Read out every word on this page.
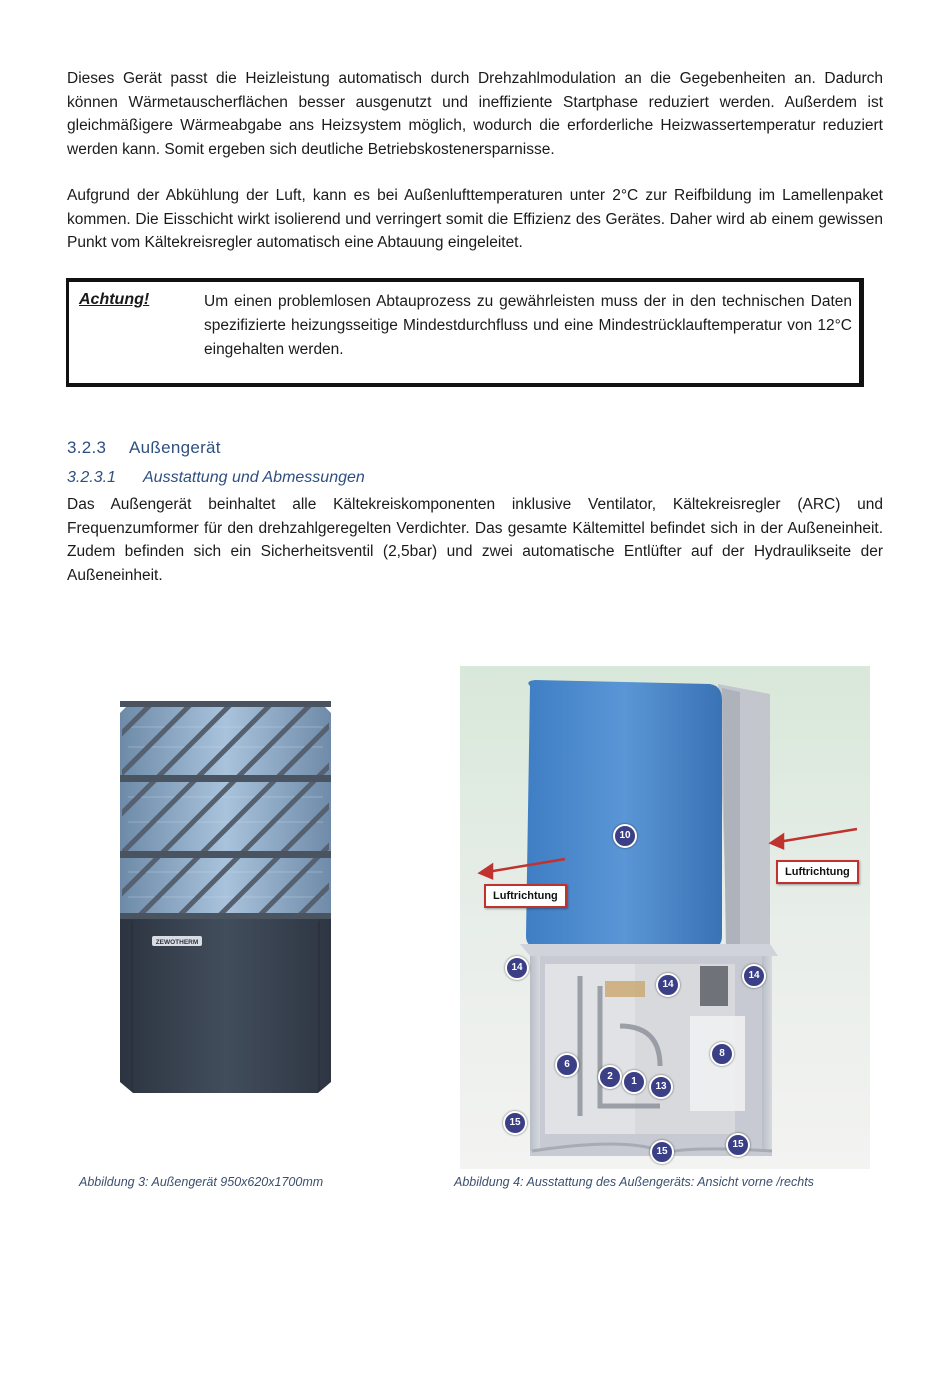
Dieses Gerät passt die Heizleistung automatisch durch Drehzahlmodulation an die Gegebenheiten an. Dadurch können Wärmetauscherflächen besser ausgenutzt und ineffiziente Startphase reduziert werden. Außerdem ist gleichmäßigere Wärmeabgabe ans Heizsystem möglich, wodurch die erforderliche Heizwassertemperatur reduziert werden kann. Somit ergeben sich deutliche Betriebskostenersparnisse.

Aufgrund der Abkühlung der Luft, kann es bei Außenlufttemperaturen unter 2°C zur Reifbildung im Lamellenpaket kommen. Die Eisschicht wirkt isolierend und verringert somit die Effizienz des Gerätes. Daher wird ab einem gewissen Punkt vom Kältekreisregler automatisch eine Abtauung eingeleitet.

Achtung!	Um einen problemlosen Abtauprozess zu gewährleisten muss der in den technischen Daten spezifizierte heizungsseitige Mindestdurchfluss und eine Mindestrücklauftemperatur von 12°C eingehalten werden.

3.2.3 Außengerät
3.2.3.1 Ausstattung und Abmessungen

Das Außengerät beinhaltet alle Kältekreiskomponenten inklusive Ventilator, Kältekreisregler (ARC) und Frequenzumformer für den drehzahlgeregelten Verdichter. Das gesamte Kältemittel befindet sich in der Außeneinheit. Zudem befinden sich ein Sicherheitsventil (2,5bar) und zwei automatische Entlüfter auf der Hydraulikseite der Außeneinheit.

ZEWOTHERM
Luftrichtung
Luftrichtung
10
14
14
14
8
6
2	1	13
15
15
15
Abbildung 3: Außengerät 950x620x1700mm	Abbildung 4: Ausstattung des Außengeräts: Ansicht vorne /rechts
